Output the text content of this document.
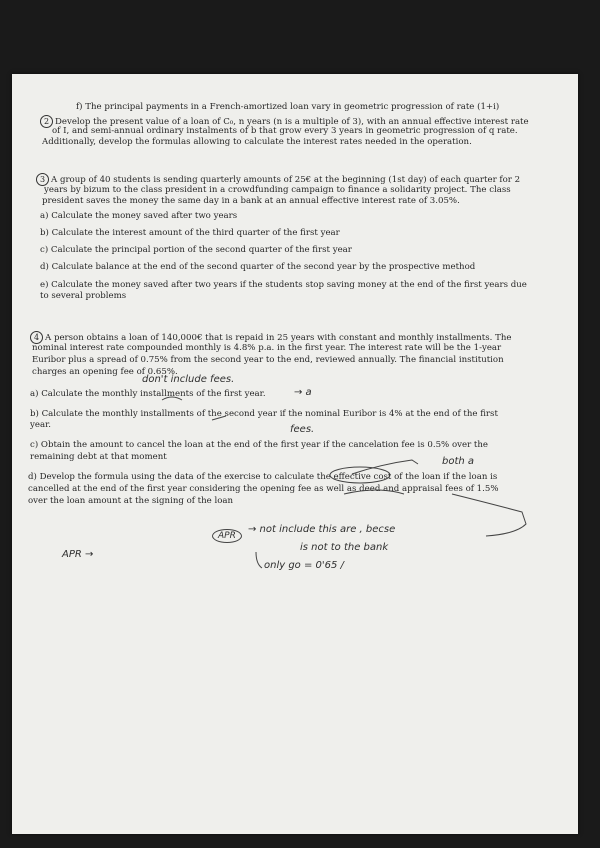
f) The principal payments in a French-amortized loan vary in geometric progression of rate (1+i)
2 Develop the present value of a loan of C₀, n years (n is a multiple of 3), with an annual effective interest rate
of I, and semi-annual ordinary instalments of b that grow every 3 years in geometric progression of q rate.
Additionally, develop the formulas allowing to calculate the interest rates needed in the operation.
3 A group of 40 students is sending quarterly amounts of 25€ at the beginning (1st day) of each quarter for 2
years by bizum to the class president in a crowdfunding campaign to finance a solidarity project. The class
president saves the money the same day in a bank at an annual effective interest rate of 3.05%.
a) Calculate the money saved after two years
b) Calculate the interest amount of the third quarter of the first year
c) Calculate the principal portion of the second quarter of the first year
d) Calculate balance at the end of the second quarter of the second year by the prospective method
e) Calculate the money saved after two years if the students stop saving money at the end of the first years due
to several problems
4 A person obtains a loan of 140,000€ that is repaid in 25 years with constant and monthly installments. The
nominal interest rate compounded monthly is 4.8% p.a. in the first year. The interest rate will be the 1-year
Euribor plus a spread of 0.75% from the second year to the end, reviewed annually. The financial institution
charges an opening fee of 0.65%.
a) Calculate the monthly installments of the first year.
b) Calculate the monthly installments of the second year if the nominal Euribor is 4% at the end of the first
year.
c) Obtain the amount to cancel the loan at the end of the first year if the cancelation fee is 0.5% over the
remaining debt at that moment
d) Develop the formula using the data of the exercise to calculate the effective cost of the loan if the loan is
cancelled at the end of the first year considering the opening fee as well as deed and appraisal fees of 1.5%
over the loan amount at the signing of the loan
don't include fees.
→ a
fees.
both a
APR
→ not include this are , becse
is not to the bank
only go = 0'65 /
APR →
